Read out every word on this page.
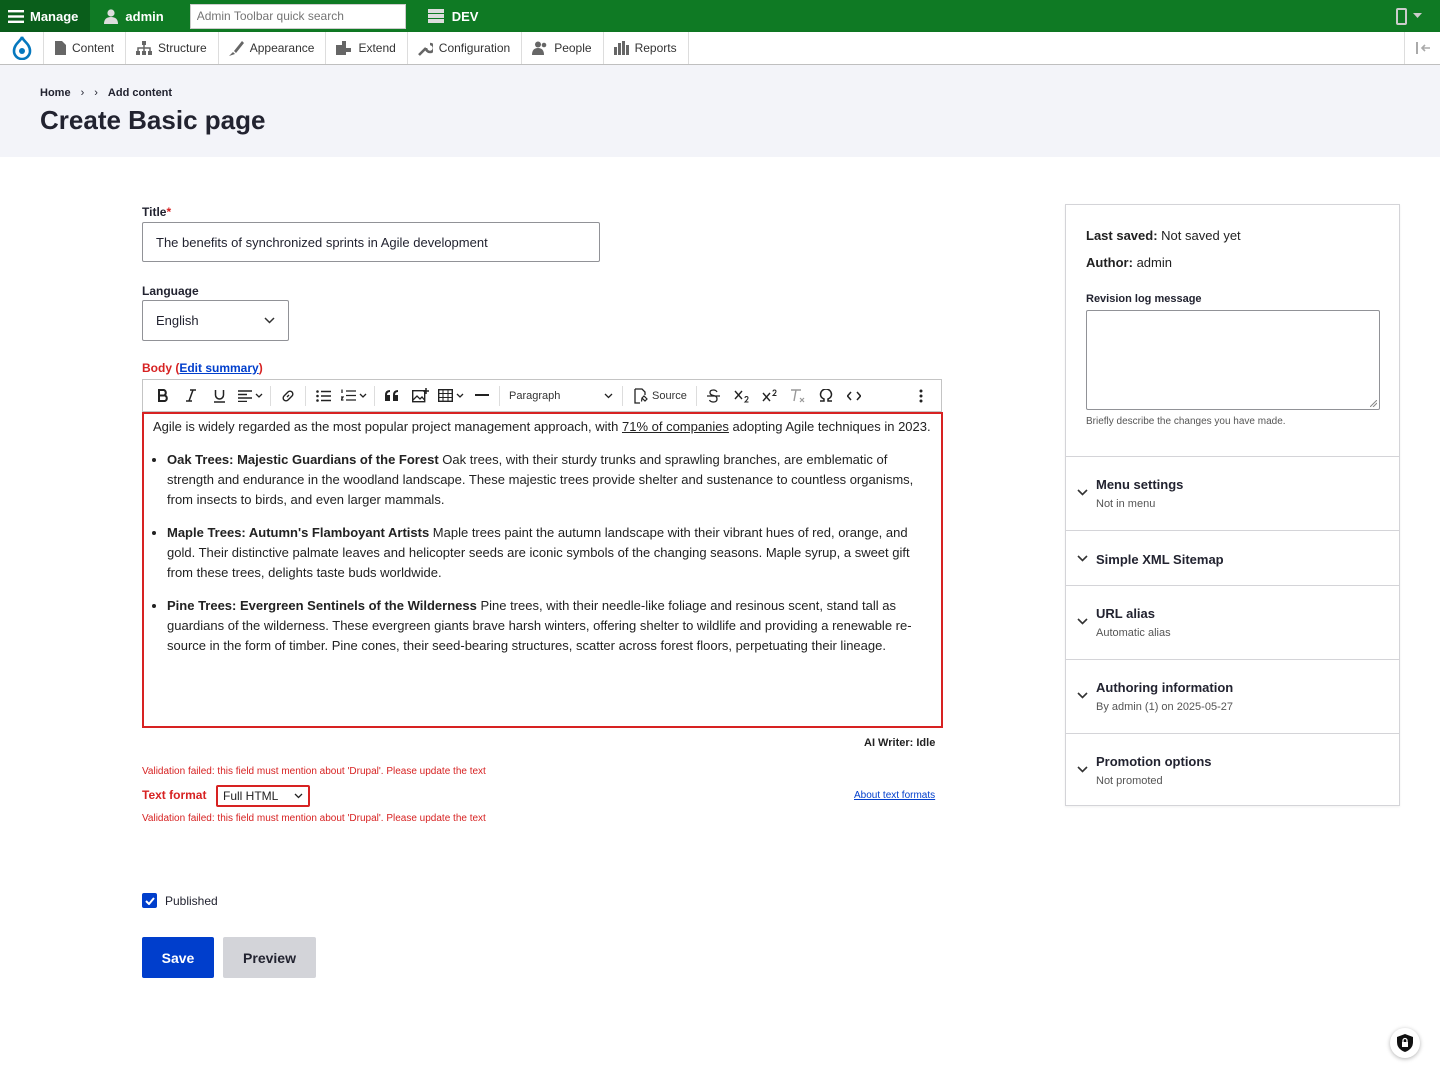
Manage	admin
Admin Toolbar quick search	DEV
Content	Structure	Appearance	Extend	Configuration	People	Reports
Home › › Add content
Create Basic page
Title*
The benefits of synchronized sprints in Agile development
Language
English
Body (Edit summary)
Paragraph	Source

Agile is widely regarded as the most popular project management approach, with 71% of companies adopting Agile techniques in 2023.

• Oak Trees: Majestic Guardians of the Forest Oak trees, with their sturdy trunks and sprawling branches, are emblematic of strength and endurance in the woodland landscape. These majestic trees provide shelter and sustenance to countless organisms, from insects to birds, and even larger mammals.
• Maple Trees: Autumn's Flamboyant Artists Maple trees paint the autumn landscape with their vibrant hues of red, orange, and gold. Their distinctive palmate leaves and helicopter seeds are iconic symbols of the changing seasons. Maple syrup, a sweet gift from these trees, delights taste buds worldwide.
• Pine Trees: Evergreen Sentinels of the Wilderness Pine trees, with their needle-like foliage and resinous scent, stand tall as guardians of the wilderness. These evergreen giants brave harsh winters, offering shelter to wildlife and providing a renewable resource in the form of timber. Pine cones, their seed-bearing structures, scatter across forest floors, perpetuating their lineage.
AI Writer: Idle
Validation failed: this field must mention about 'Drupal'. Please update the text
Text format Full HTML	About text formats
Validation failed: this field must mention about 'Drupal'. Please update the text
Published
Save	Preview
Last saved: Not saved yet
Author: admin
Revision log message
Briefly describe the changes you have made.
Menu settings
Not in menu
Simple XML Sitemap
URL alias
Automatic alias
Authoring information
By admin (1) on 2025-05-27
Promotion options
Not promoted
